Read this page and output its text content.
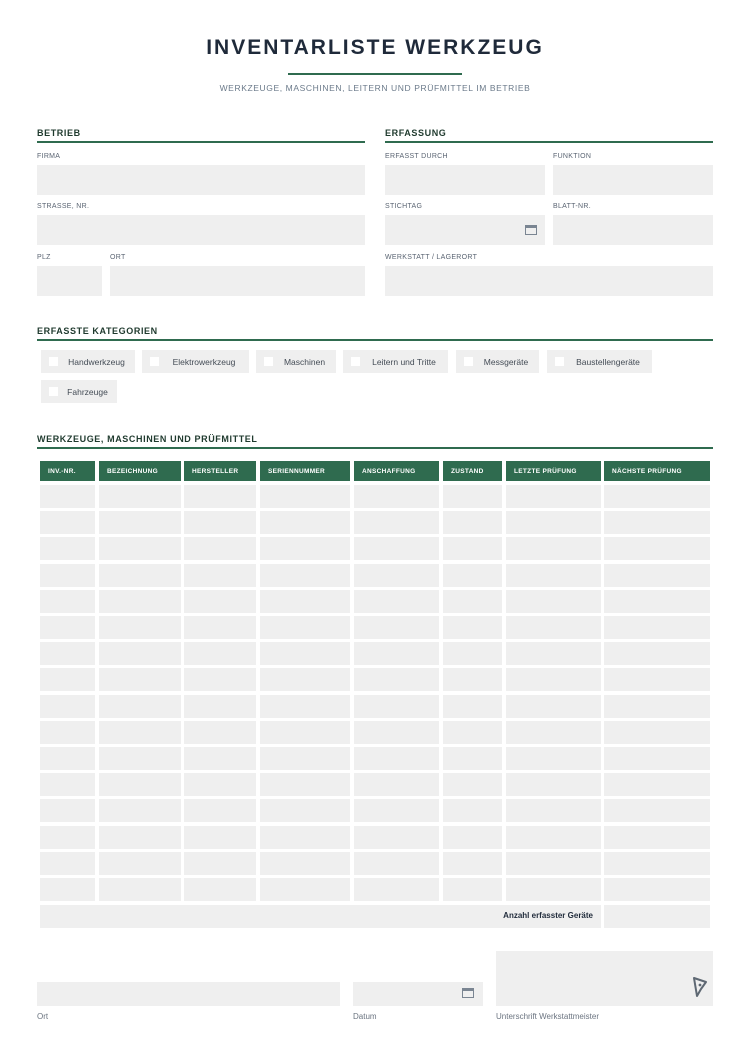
INVENTARLISTE WERKZEUG
WERKZEUGE, MASCHINEN, LEITERN UND PRÜFMITTEL IM BETRIEB
BETRIEB
FIRMA
STRASSE, NR.
PLZ	ORT
ERFASSUNG
ERFASST DURCH	FUNKTION
STICHTAG	BLATT-NR.
WERKSTATT / LAGERORT
ERFASSTE KATEGORIEN
Handwerkzeug	Elektrowerkzeug	Maschinen	Leitern und Tritte	Messgeräte	Baustellengeräte
Fahrzeuge
WERKZEUGE, MASCHINEN UND PRÜFMITTEL
INV.-NR.	BEZEICHNUNG	HERSTELLER	SERIENNUMMER	ANSCHAFFUNG	ZUSTAND	LETZTE PRÜFUNG	NÄCHSTE PRÜFUNG
Anzahl erfasster Geräte
Ort	Datum	Unterschrift Werkstattmeister
